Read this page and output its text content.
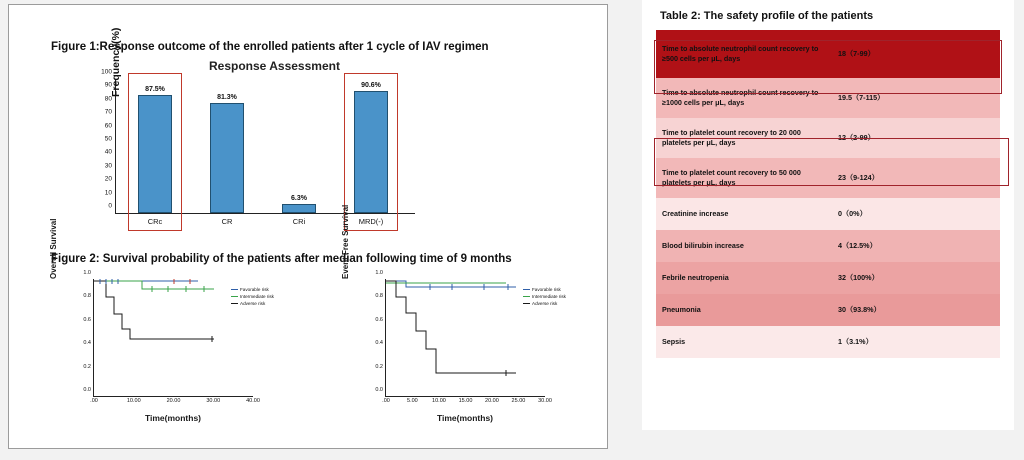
Figure 1:Response outcome of the enrolled patients after 1 cycle of IAV regimen
Response Assessment
Frequency(%)
0
10
20
30
40
50
60
70
80
90
100
87.5%
CRc
81.3%
CR
6.3%
CRi
90.6%
MRD(-)
Figure 2: Survival probability of the patients after median following time of 9 months
Overall Survival
0.0
0.2
0.4
0.6
0.8
1.0
.00	10.00	20.00	30.00	40.00
Time(months)
Favorable risk
Intermediate risk
Adverse risk
Event Free Survival
0.0
0.2
0.4
0.6
0.8
1.0
.00	5.00	10.00 15.00 20.00 25.00 30.00
Time(months)
Favorable risk
Intermediate risk
Adverse risk
Table 2: The safety profile of the patients
Time to absolute neutrophil count recovery to ≥500 cells per μL, days	18（7-99）
Time to absolute neutrophil count recovery to ≥1000 cells per μL, days	19.5（7-115）
Time to platelet count recovery to 20 000 platelets per μL, days	12（2-99）
Time to platelet count recovery to 50 000 platelets per μL, days	23（9-124）
Creatinine increase	0（0%）
Blood bilirubin increase	4（12.5%）
Febrile neutropenia	32（100%）
Pneumonia	30（93.8%）
Sepsis	1（3.1%）
